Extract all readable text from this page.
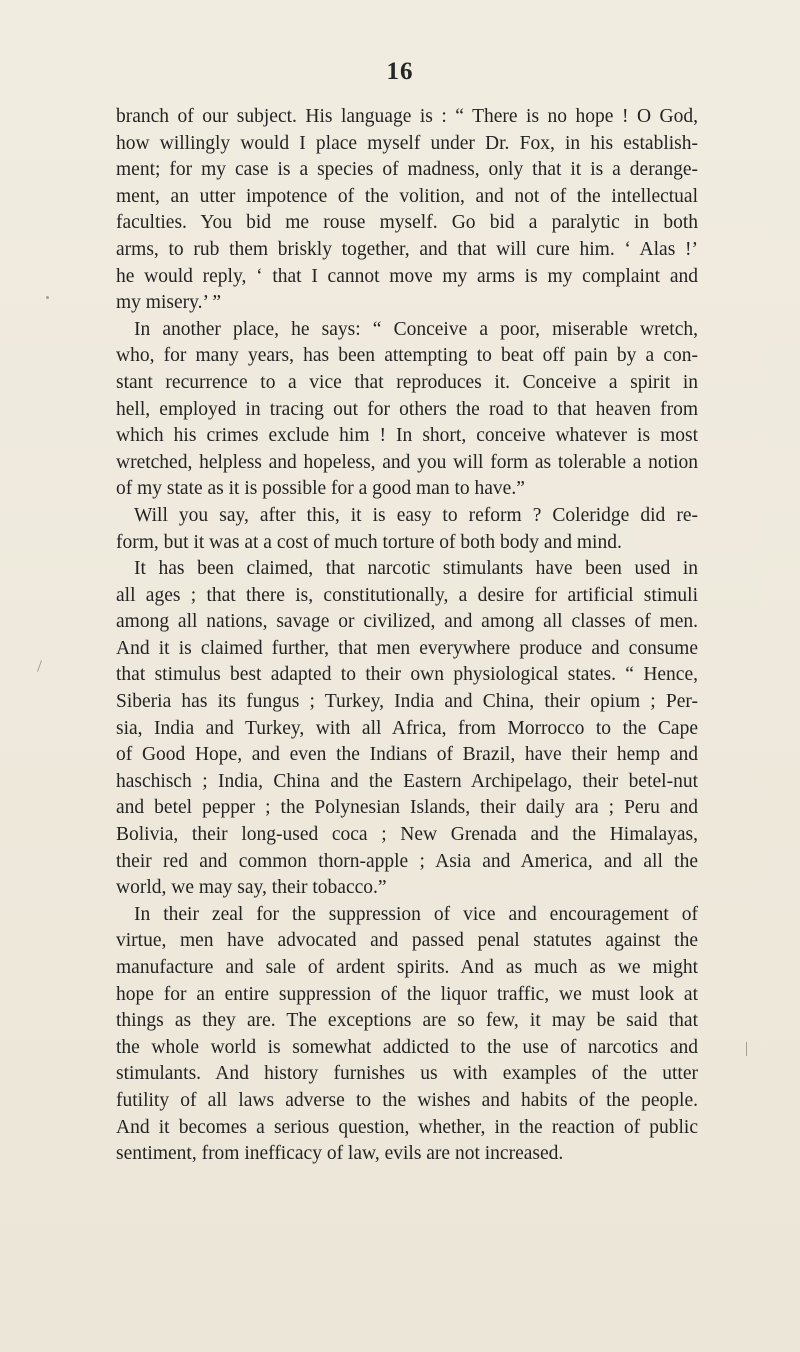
16
branch of our subject. His language is : “ There is no hope ! O God,
how willingly would I place myself under Dr. Fox, in his establish-
ment; for my case is a species of madness, only that it is a derange-
ment, an utter impotence of the volition, and not of the intellectual
faculties. You bid me rouse myself. Go bid a paralytic in both
arms, to rub them briskly together, and that will cure him. ‘ Alas !’
he would reply, ‘ that I cannot move my arms is my complaint and
my misery.’ ”
In another place, he says: “ Conceive a poor, miserable wretch,
who, for many years, has been attempting to beat off pain by a con-
stant recurrence to a vice that reproduces it. Conceive a spirit in
hell, employed in tracing out for others the road to that heaven from
which his crimes exclude him ! In short, conceive whatever is most
wretched, helpless and hopeless, and you will form as tolerable a notion
of my state as it is possible for a good man to have.”
Will you say, after this, it is easy to reform ? Coleridge did re-
form, but it was at a cost of much torture of both body and mind.
It has been claimed, that narcotic stimulants have been used in
all ages ; that there is, constitutionally, a desire for artificial stimuli
among all nations, savage or civilized, and among all classes of men.
And it is claimed further, that men everywhere produce and consume
that stimulus best adapted to their own physiological states. “ Hence,
Siberia has its fungus ; Turkey, India and China, their opium ; Per-
sia, India and Turkey, with all Africa, from Morrocco to the Cape
of Good Hope, and even the Indians of Brazil, have their hemp and
haschisch ; India, China and the Eastern Archipelago, their betel-nut
and betel pepper ; the Polynesian Islands, their daily ara ; Peru and
Bolivia, their long-used coca ; New Grenada and the Himalayas,
their red and common thorn-apple ; Asia and America, and all the
world, we may say, their tobacco.”
In their zeal for the suppression of vice and encouragement of
virtue, men have advocated and passed penal statutes against the
manufacture and sale of ardent spirits. And as much as we might
hope for an entire suppression of the liquor traffic, we must look at
things as they are. The exceptions are so few, it may be said that
the whole world is somewhat addicted to the use of narcotics and
stimulants. And history furnishes us with examples of the utter
futility of all laws adverse to the wishes and habits of the people.
And it becomes a serious question, whether, in the reaction of public
sentiment, from inefficacy of law, evils are not increased.
